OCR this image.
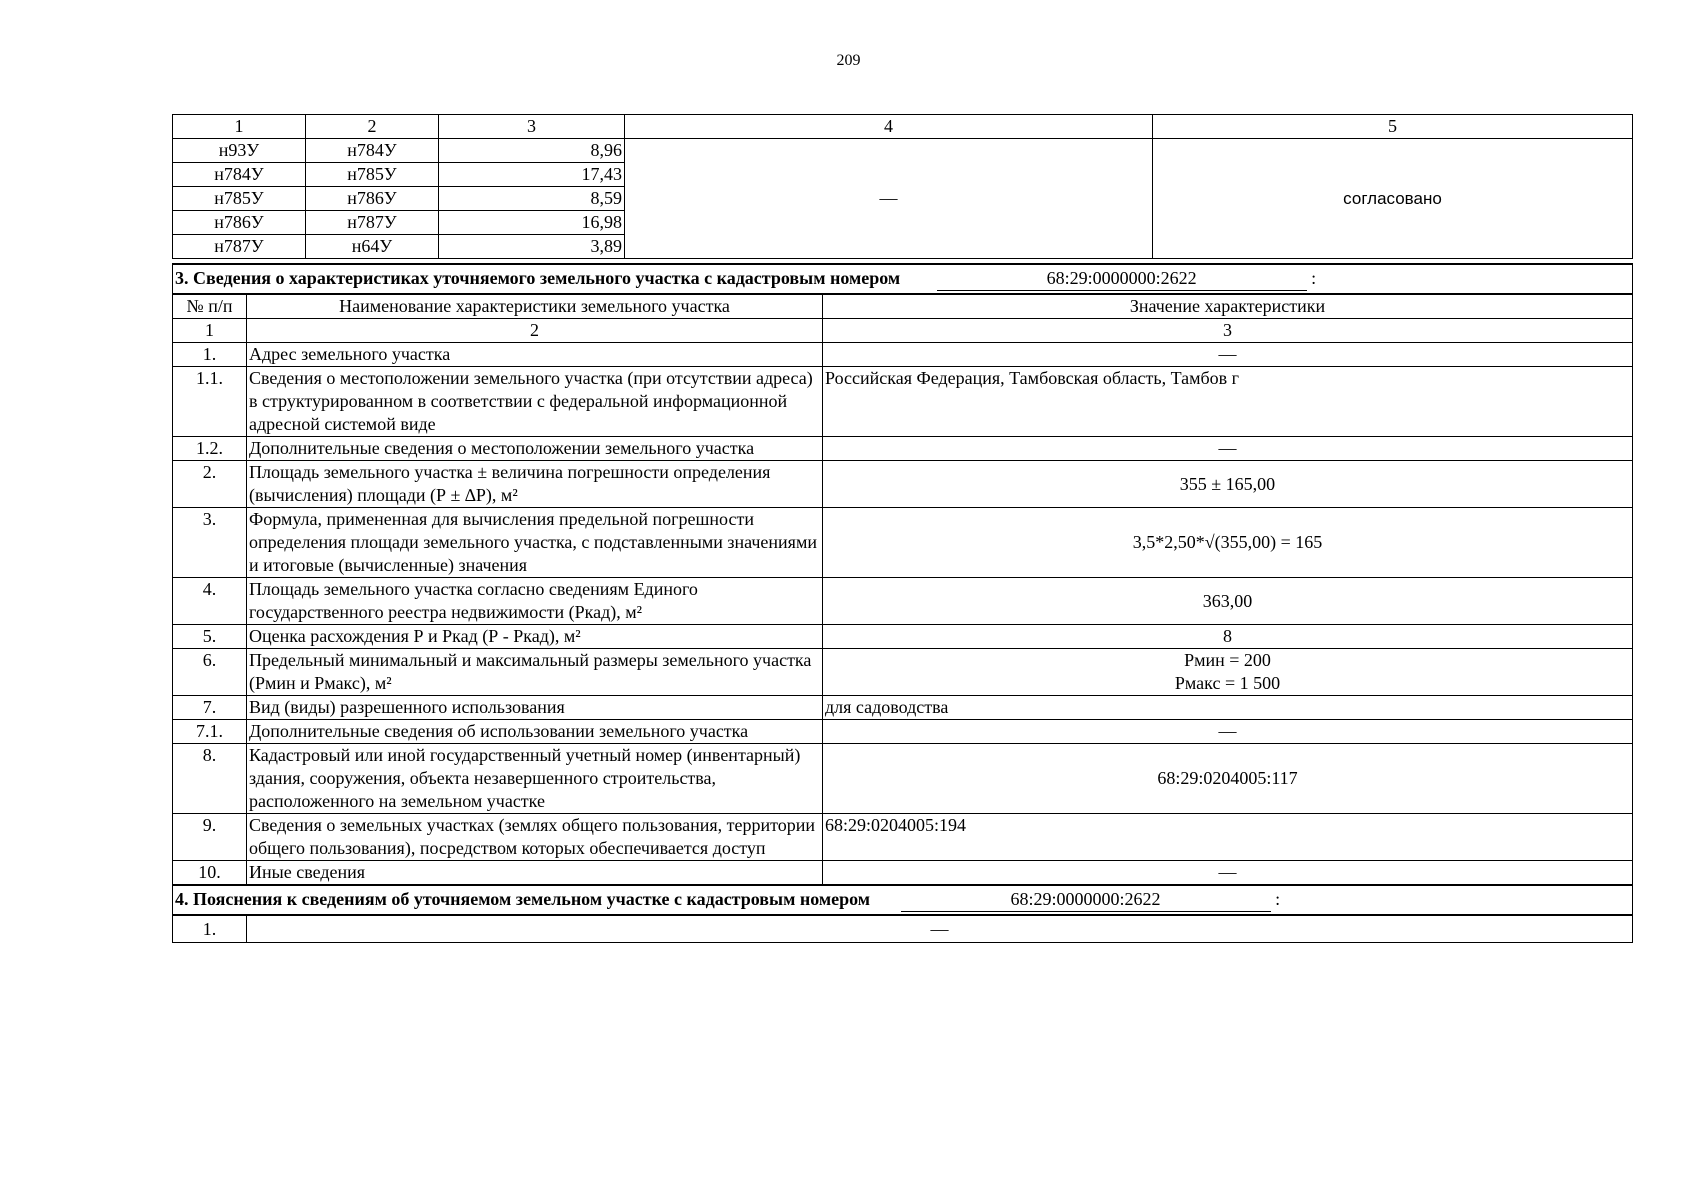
209
1	2	3	4	5
н93У	н784У	8,96	—	согласовано
н784У	н785У	17,43		
н785У	н786У	8,59		
н786У	н787У	16,98		
н787У	н64У	3,89		
3. Сведения о характеристиках уточняемого земельного участка с кадастровым номером 68:29:0000000:2622 :		
№ п/п	Наименование характеристики земельного участка	Значение характеристики
1	2	3
1.	Адрес земельного участка	—
1.1.	Сведения о местоположении земельного участка (при отсутствии адреса) в структурированном в соответствии с федеральной информационной адресной системой виде	Российская Федерация, Тамбовская область, Тамбов г
1.2.	Дополнительные сведения о местоположении земельного участка	—
2.	Площадь земельного участка ± величина погрешности определения (вычисления) площади (Р ± ∆Р), м²	355 ± 165,00
3.	Формула, примененная для вычисления предельной погрешности определения площади земельного участка, с подставленными значениями и итоговые (вычисленные) значения	3,5*2,50*√(355,00) = 165
4.	Площадь земельного участка согласно сведениям Единого государственного реестра недвижимости (Ркад), м²	363,00
5.	Оценка расхождения Р и Ркад (Р - Ркад), м²	8
6.	Предельный минимальный и максимальный размеры земельного участка (Рмин и Рмакс), м²	Рмин = 200
Рмакс = 1 500

7.	Вид (виды) разрешенного использования	для садоводства
7.1.	Дополнительные сведения об использовании земельного участка	—
8.	Кадастровый или иной государственный учетный номер (инвентарный) здания, сооружения, объекта незавершенного строительства, расположенного на земельном участке	68:29:0204005:117
9.	Сведения о земельных участках (землях общего пользования, территории общего пользования), посредством которых обеспечивается доступ	68:29:0204005:194
10.	Иные сведения	—
4. Пояснения к сведениям об уточняемом земельном участке с кадастровым номером 68:29:0000000:2622 :		
1.	—	
